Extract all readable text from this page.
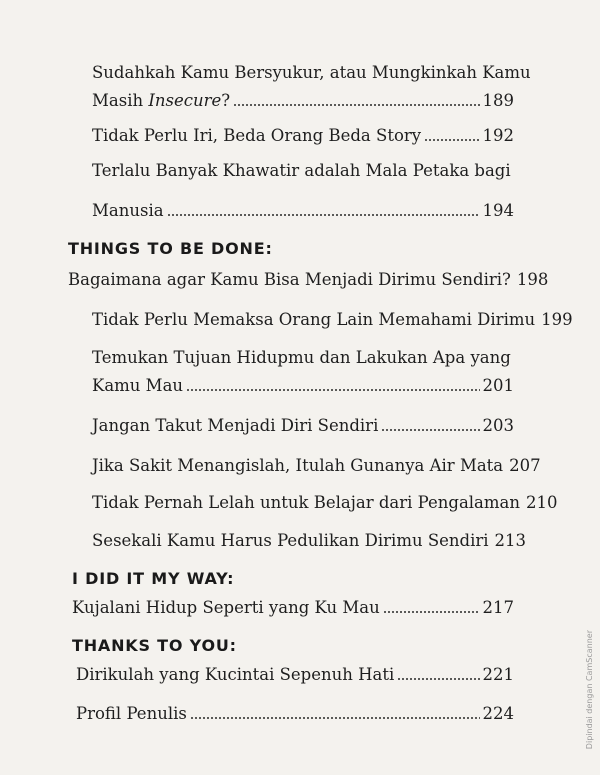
Sudahkah Kamu Bersyukur, atau Mungkinkah Kamu
Masih Insecure?	189
Tidak Perlu Iri, Beda Orang Beda Story	192
Terlalu Banyak Khawatir adalah Mala Petaka bagi
Manusia	194
THINGS TO BE DONE:
Bagaimana agar Kamu Bisa Menjadi Dirimu Sendiri? 198
Tidak Perlu Memaksa Orang Lain Memahami Dirimu 199
Temukan Tujuan Hidupmu dan Lakukan Apa yang
Kamu Mau	201
Jangan Takut Menjadi Diri Sendiri	203
Jika Sakit Menangislah, Itulah Gunanya Air Mata 207
Tidak Pernah Lelah untuk Belajar dari Pengalaman 210
Sesekali Kamu Harus Pedulikan Dirimu Sendiri 213
I DID IT MY WAY:
Kujalani Hidup Seperti yang Ku Mau	217
THANKS TO YOU:
Dirikulah yang Kucintai Sepenuh Hati	221
Profil Penulis	224	Dipindai dengan CamScanner
